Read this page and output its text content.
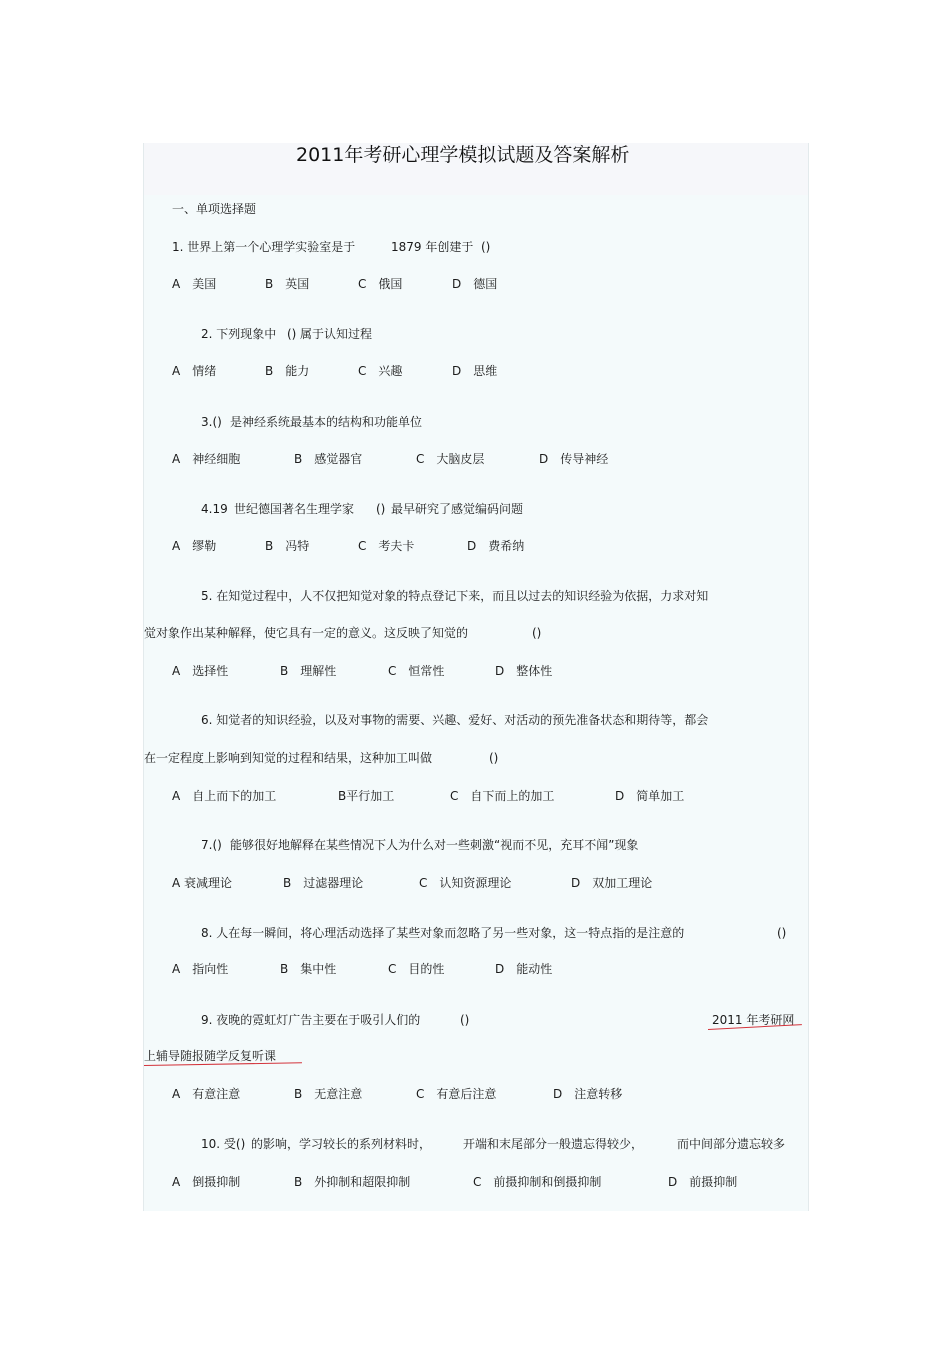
2011年考研心理学模拟试题及答案解析
一、单项选择题
1. 世界上第一个心理学实验室是于	1879 年创建于 ()
A　美国	B　英国	C　俄国	D　德国
2. 下列现象中 () 属于认知过程
A　情绪	B　能力	C　兴趣	D　思维
3.() 是神经系统最基本的结构和功能单位
A　神经细胞	B　感觉器官	C　大脑皮层	D　传导神经
4.19 世纪德国著名生理学家 () 最早研究了感觉编码问题
A　缪勒	B　冯特	C　考夫卡	D　费希纳
5. 在知觉过程中，人不仅把知觉对象的特点登记下来，而且以过去的知识经验为依据，力求对知
觉对象作出某种解释，使它具有一定的意义。这反映了知觉的	()
A　选择性	B　理解性	C　恒常性	D　整体性
6. 知觉者的知识经验，以及对事物的需要、兴趣、爱好、对活动的预先准备状态和期待等，都会
在一定程度上影响到知觉的过程和结果，这种加工叫做	()
A　自上而下的加工	B平行加工	C　自下而上的加工	D　简单加工
7.() 能够很好地解释在某些情况下人为什么对一些刺激“视而不见，充耳不闻”现象
A 衰减理论	B　过滤器理论	C　认知资源理论	D　双加工理论
8. 人在每一瞬间，将心理活动选择了某些对象而忽略了另一些对象，这一特点指的是注意的	()
A　指向性	B　集中性	C　目的性	D　能动性
9. 夜晚的霓虹灯广告主要在于吸引人们的	()	2011 年考研网
上辅导随报随学反复听课
A　有意注意	B　无意注意	C　有意后注意	D　注意转移
10. 受() 的影响，学习较长的系列材料时，	开端和末尾部分一般遗忘得较少，	而中间部分遗忘较多
A　倒摄抑制	B　外抑制和超限抑制	C　前摄抑制和倒摄抑制	D　前摄抑制
